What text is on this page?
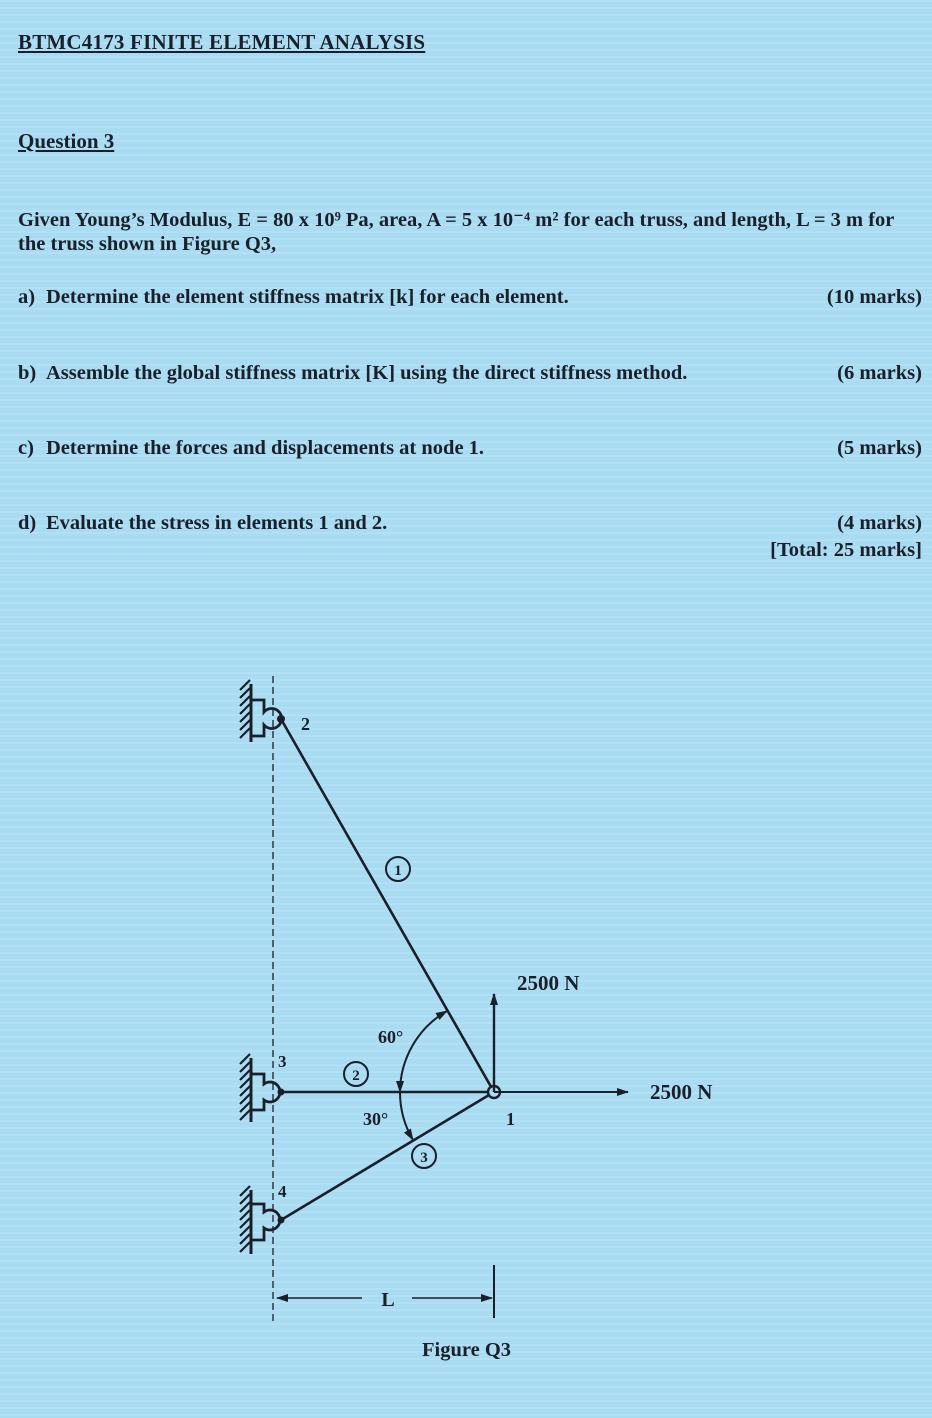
BTMC4173 FINITE ELEMENT ANALYSIS
Question 3
Given Young’s Modulus, E = 80 x 10⁹ Pa, area, A = 5 x 10⁻⁴ m² for each truss, and length, L = 3 m for
the truss shown in Figure Q3,
a) Determine the element stiffness matrix [k] for each element.	(10 marks)
b) Assemble the global stiffness matrix [K] using the direct stiffness method.	(6 marks)
c) Determine the forces and displacements at node 1.	(5 marks)
d) Evaluate the stress in elements 1 and 2.	(4 marks)
[Total: 25 marks]
2
3
4
1
1
2
3
60°
30°
2500 N
2500 N
L
Figure Q3
